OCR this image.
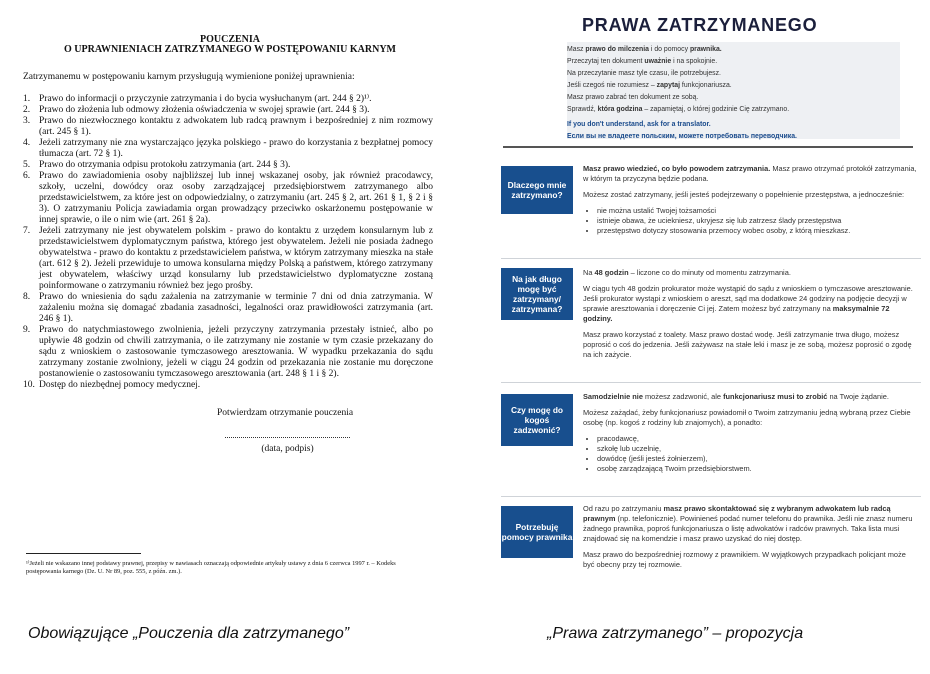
POUCZENIA
O UPRAWNIENIACH ZATRZYMANEGO W POSTĘPOWANIU KARNYM
Zatrzymanemu w postępowaniu karnym przysługują wymienione poniżej uprawnienia:
1. Prawo do informacji o przyczynie zatrzymania i do bycia wysłuchanym (art. 244 § 2)¹⁾.
2. Prawo do złożenia lub odmowy złożenia oświadczenia w swojej sprawie (art. 244 § 3).
3. Prawo do niezwłocznego kontaktu z adwokatem lub radcą prawnym i bezpośredniej z nim rozmowy (art. 245 § 1).
4. Jeżeli zatrzymany nie zna wystarczająco języka polskiego - prawo do korzystania z bezpłatnej pomocy tłumacza (art. 72 § 1).
5. Prawo do otrzymania odpisu protokołu zatrzymania (art. 244 § 3).
6. Prawo do zawiadomienia osoby najbliższej lub innej wskazanej osoby, jak również pracodawcy, szkoły, uczelni, dowódcy oraz osoby zarządzającej przedsiębiorstwem zatrzymanego albo przedstawicielstwem, za które jest on odpowiedzialny, o zatrzymaniu (art. 245 § 2, art. 261 § 1, § 2 i § 3). O zatrzymaniu Policja zawiadamia organ prowadzący przeciwko oskarżonemu postępowanie w innej sprawie, o ile o nim wie (art. 261 § 2a).
7. Jeżeli zatrzymany nie jest obywatelem polskim - prawo do kontaktu z urzędem konsularnym lub z przedstawicielstwem dyplomatycznym państwa, którego jest obywatelem. Jeżeli nie posiada żadnego obywatelstwa - prawo do kontaktu z przedstawicielem państwa, w którym zatrzymany mieszka na stałe (art. 612 § 2). Jeżeli przewiduje to umowa konsularna między Polską a państwem, którego zatrzymany jest obywatelem, właściwy urząd konsularny lub przedstawicielstwo dyplomatyczne zostaną poinformowane o zatrzymaniu również bez jego prośby.
8. Prawo do wniesienia do sądu zażalenia na zatrzymanie w terminie 7 dni od dnia zatrzymania. W zażaleniu można się domagać zbadania zasadności, legalności oraz prawidłowości zatrzymania (art. 246 § 1).
9. Prawo do natychmiastowego zwolnienia, jeżeli przyczyny zatrzymania przestały istnieć, albo po upływie 48 godzin od chwili zatrzymania, o ile zatrzymany nie zostanie w tym czasie przekazany do sądu z wnioskiem o zastosowanie tymczasowego aresztowania. W wypadku przekazania do sądu zatrzymany zostanie zwolniony, jeżeli w ciągu 24 godzin od przekazania nie zostanie mu doręczone postanowienie o zastosowaniu tymczasowego aresztowania (art. 248 § 1 i § 2).
10. Dostęp do niezbędnej pomocy medycznej.
Potwierdzam otrzymanie pouczenia
(data, podpis)
¹⁾Jeżeli nie wskazano innej podstawy prawnej, przepisy w nawiasach oznaczają odpowiednie artykuły ustawy z dnia 6 czerwca 1997 r. – Kodeks postępowania karnego (Dz. U. Nr 89, poz. 555, z późn. zm.).
PRAWA ZATRZYMANEGO
Masz prawo do milczenia i do pomocy prawnika.
Przeczytaj ten dokument uważnie i na spokojnie.
Na przeczytanie masz tyle czasu, ile potrzebujesz.
Jeśli czegoś nie rozumiesz – zapytaj funkcjonariusza.
Masz prawo zabrać ten dokument ze sobą.
Sprawdź, która godzina – zapamiętaj, o której godzinie Cię zatrzymano.
If you don't understand, ask for a translator.
Если вы не владеете польским, можете потребовать переводчика.
Dlaczego mnie zatrzymano?

Masz prawo wiedzieć, co było powodem zatrzymania. Masz prawo otrzymać protokół zatrzymania, w którym ta przyczyna będzie podana.

Możesz zostać zatrzymany, jeśli jesteś podejrzewany o popełnienie przestępstwa, a jednocześnie:

• nie można ustalić Twojej tożsamości
• istnieje obawa, że uciekniesz, ukryjesz się lub zatrzesz ślady przestępstwa
• przestępstwo dotyczy stosowania przemocy wobec osoby, z którą mieszkasz.
Na jak długo mogę być zatrzymany/ zatrzymana?

Na 48 godzin – liczone co do minuty od momentu zatrzymania.

W ciągu tych 48 godzin prokurator może wystąpić do sądu z wnioskiem o tymczasowe aresztowanie. Jeśli prokurator wystąpi z wnioskiem o areszt, sąd ma dodatkowe 24 godziny na podjęcie decyzji w sprawie aresztowania i doręczenie Ci jej. Zatem możesz być zatrzymany na maksymalnie 72 godziny.

Masz prawo korzystać z toalety. Masz prawo dostać wodę. Jeśli zatrzymanie trwa długo, możesz poprosić o coś do jedzenia. Jeśli zażywasz na stałe leki i masz je ze sobą, możesz poprosić o zgodę na ich zażycie.

Czy mogę do kogoś zadzwonić?

Samodzielnie nie możesz zadzwonić, ale funkcjonariusz musi to zrobić na Twoje żądanie.

Możesz zażądać, żeby funkcjonariusz powiadomił o Twoim zatrzymaniu jedną wybraną przez Ciebie osobę (np. kogoś z rodziny lub znajomych), a ponadto:

• pracodawcę,
• szkołę lub uczelnię,
• dowódcę (jeśli jesteś żołnierzem),
• osobę zarządzającą Twoim przedsiębiorstwem.
Potrzebuję pomocy prawnika

Od razu po zatrzymaniu masz prawo skontaktować się z wybranym adwokatem lub radcą prawnym (np. telefonicznie). Powinieneś podać numer telefonu do prawnika. Jeśli nie znasz numeru żadnego prawnika, poproś funkcjonariusza o listę adwokatów i radców prawnych. Taka lista musi znajdować się na komendzie i masz prawo uzyskać do niej dostęp.

Masz prawo do bezpośredniej rozmowy z prawnikiem. W wyjątkowych przypadkach policjant może być obecny przy tej rozmowie.

Obowiązujące „Pouczenia dla zatrzymanego”	„Prawa zatrzymanego” – propozycja
